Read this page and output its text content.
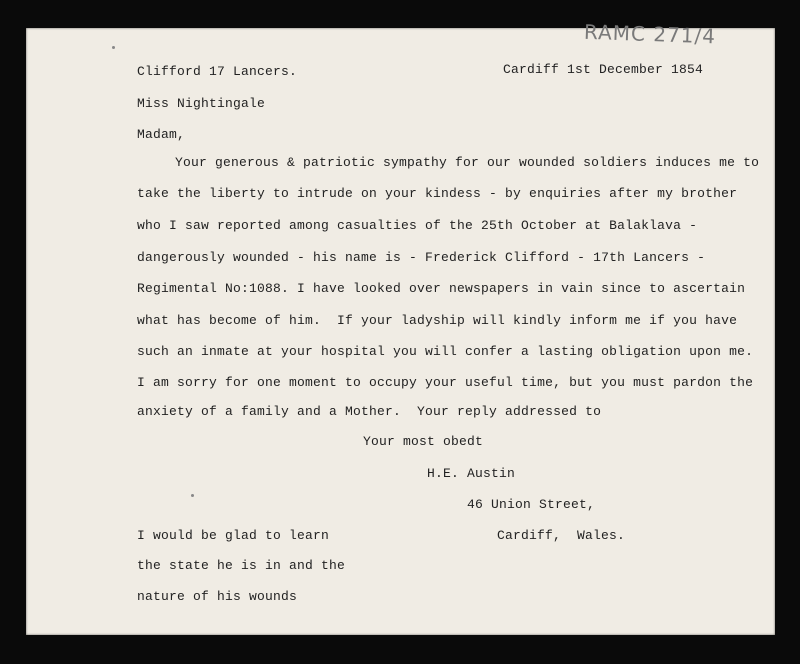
RAMC 271/4
Clifford 17 Lancers.	Cardiff 1st December 1854
Miss Nightingale
Madam,
Your generous & patriotic sympathy for our wounded soldiers induces me to
take the liberty to intrude on your kindess - by enquiries after my brother
who I saw reported among casualties of the 25th October at Balaklava -
dangerously wounded - his name is - Frederick Clifford - 17th Lancers -
Regimental No:1088. I have looked over newspapers in vain since to ascertain
what has become of him.  If your ladyship will kindly inform me if you have
such an inmate at your hospital you will confer a lasting obligation upon me.
I am sorry for one moment to occupy your useful time, but you must pardon the
anxiety of a family and a Mother.  Your reply addressed to
Your most obedt
H.E. Austin
46 Union Street,
Cardiff,  Wales.
I would be glad to learn
the state he is in and the
nature of his wounds
